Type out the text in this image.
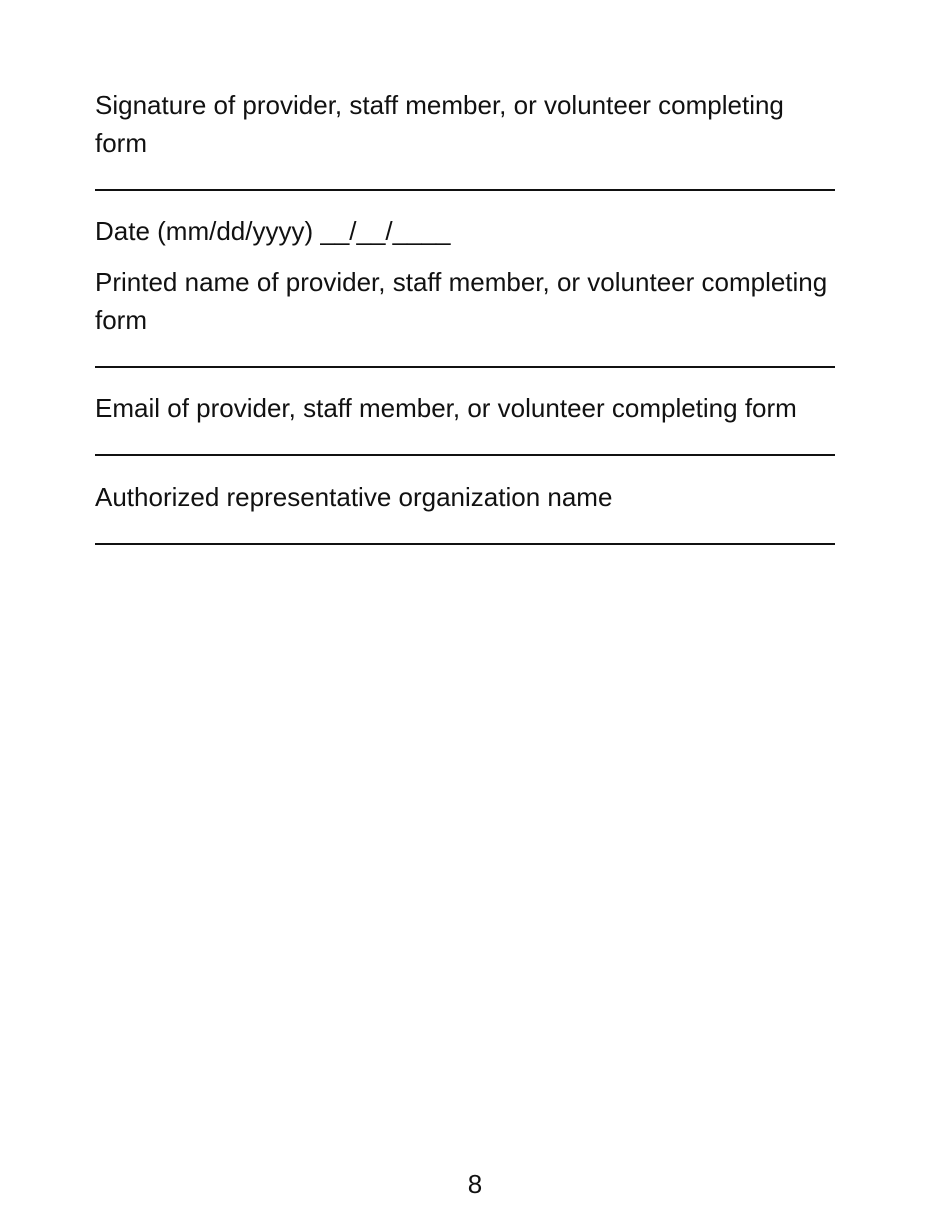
Signature of provider, staff member, or volunteer completing form

Date (mm/dd/yyyy) __/__/____

Printed name of provider, staff member, or volunteer completing form

Email of provider, staff member, or volunteer completing form

Authorized representative organization name

8
